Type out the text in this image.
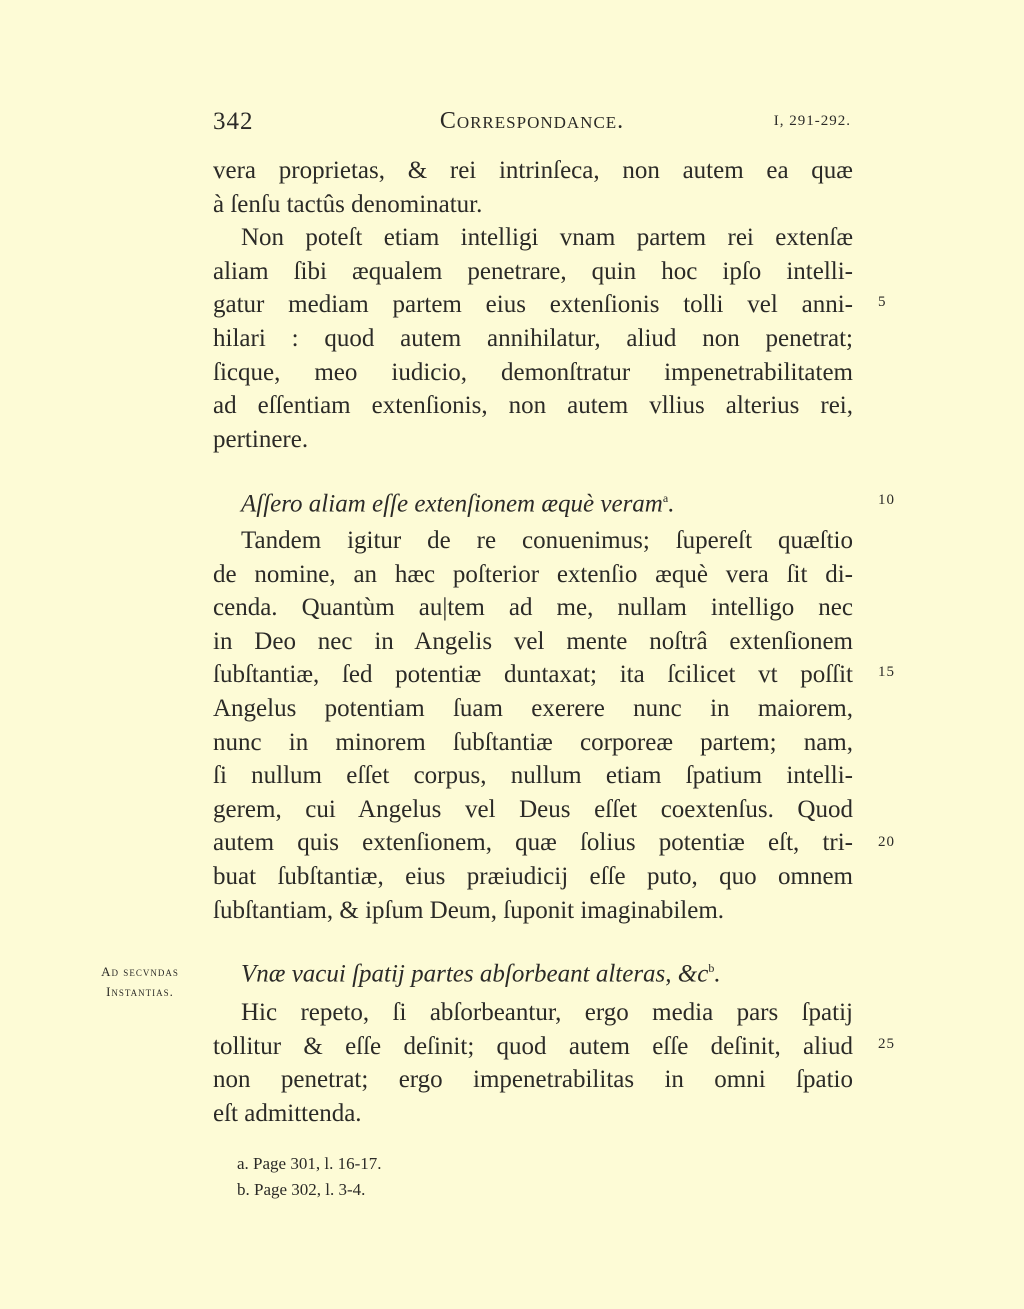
342	Correspondance.	I, 291-292.
vera proprietas, & rei intrinſeca, non autem ea quæ
à ſenſu tactûs denominatur.
Non poteſt etiam intelligi vnam partem rei extenſæ
aliam ſibi æqualem penetrare, quin hoc ipſo intelli-
gatur mediam partem eius extenſionis tolli vel anni-
hilari : quod autem annihilatur, aliud non penetrat;
ſicque, meo iudicio, demonſtratur impenetrabilitatem
ad eſſentiam extenſionis, non autem vllius alterius rei,
pertinere.
Aſſero aliam eſſe extenſionem æquè veram$^a$.
Tandem igitur de re conuenimus; ſupereſt quæſtio
de nomine, an hæc poſterior extenſio æquè vera ſit di-
cenda. Quantùm au|tem ad me, nullam intelligo nec
in Deo nec in Angelis vel mente noſtrâ extenſionem
ſubſtantiæ, ſed potentiæ duntaxat; ita ſcilicet vt poſſit
Angelus potentiam ſuam exerere nunc in maiorem,
nunc in minorem ſubſtantiæ corporeæ partem; nam,
ſi nullum eſſet corpus, nullum etiam ſpatium intelli-
gerem, cui Angelus vel Deus eſſet coextenſus. Quod
autem quis extenſionem, quæ ſolius potentiæ eſt, tri-
buat ſubſtantiæ, eius præiudicij eſſe puto, quo omnem
ſubſtantiam, & ipſum Deum, ſuponit imaginabilem.
Ad secvndas
Instantias.
Vnæ vacui ſpatij partes abſorbeant alteras, $\&c^b$.
Hic repeto, ſi abſorbeantur, ergo media pars ſpatij
tollitur & eſſe deſinit; quod autem eſſe deſinit, aliud
non penetrat; ergo impenetrabilitas in omni ſpatio
eſt admittenda.
5
10
15
20
25
a. Page 301, l. 16-17.
b. Page 302, l. 3-4.
